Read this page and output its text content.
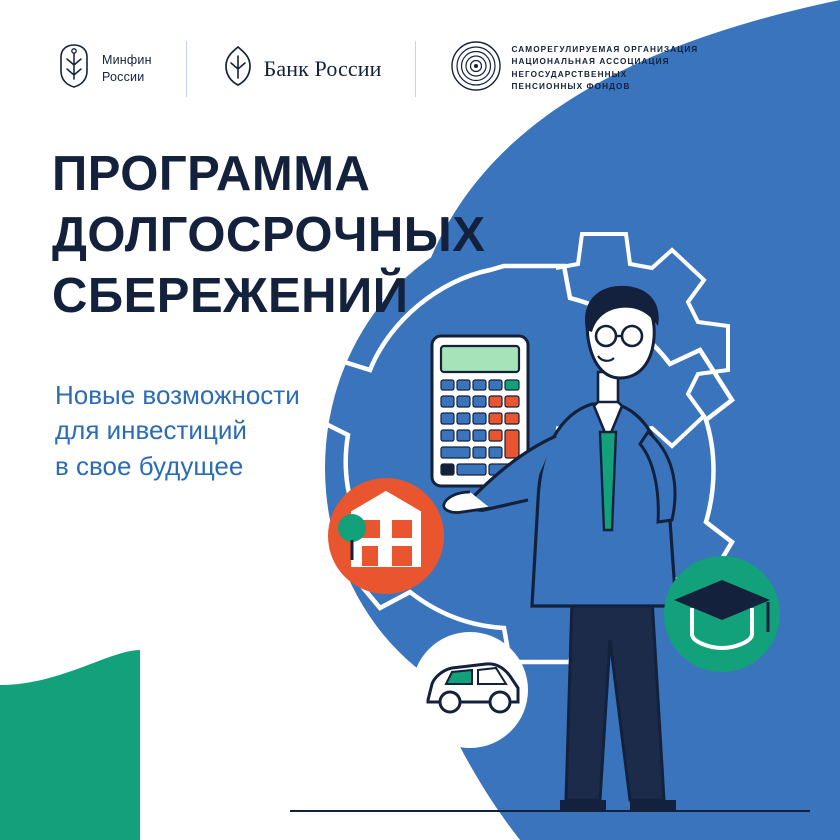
Минфин
России	Банк России
САМОРЕГУЛИРУЕМАЯ ОРГАНИЗАЦИЯ
НАЦИОНАЛЬНАЯ АССОЦИАЦИЯ
НЕГОСУДАРСТВЕННЫХ
ПЕНСИОННЫХ ФОНДОВ
ПРОГРАММА
ДОЛГОСРОЧНЫХ
СБЕРЕЖЕНИЙ
Новые возможности
для инвестиций
в свое будущее
